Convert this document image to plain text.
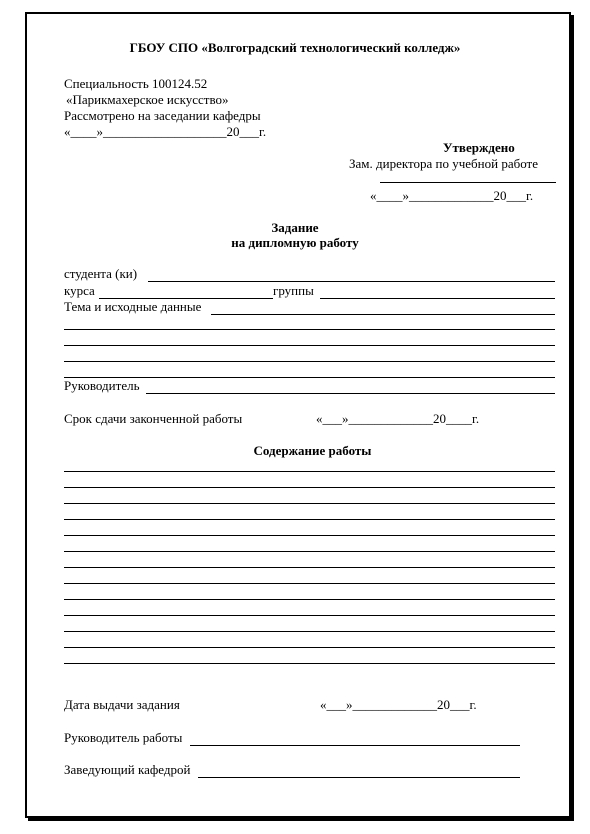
ГБОУ СПО «Волгоградский технологический колледж»
Специальность 100124.52
«Парикмахерское искусство»
Рассмотрено на заседании кафедры
«____»___________________20___г.
Утверждено
Зам. директора по учебной работе
«____»_____________20___г.
Задание
на дипломную работу
студента (ки)
курса	группы
Тема и исходные данные
Руководитель
Срок сдачи законченной работы	«___»_____________20____г.
Содержание работы
Дата выдачи задания	«___»_____________20___г.
Руководитель работы
Заведующий кафедрой
